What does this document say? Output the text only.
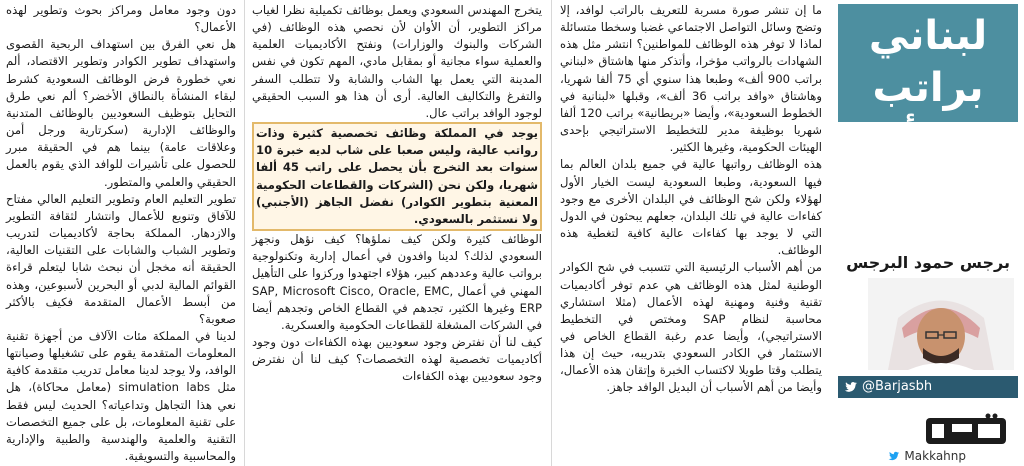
دون وجود معامل ومراكز بحوث وتطوير لهذه الأعمال؟

هل نعي الفرق بين استهداف الربحية القصوى واستهداف تطوير الكوادر وتطوير الاقتصاد، ألم نعي خطورة فرض الوظائف السعودية كشرط لبقاء المنشأة بالنطاق الأخضر؟ ألم نعي طرق التحايل بتوظيف السعوديين بالوظائف المتدنية والوظائف الإدارية (سكرتارية ورجل أمن وعلاقات عامة) بينما هم في الحقيقة مبرر للحصول على تأشيرات للوافد الذي يقوم بالعمل الحقيقي والعلمي والمتطور.

تطوير التعليم العام وتطوير التعليم العالي مفتاح للآفاق وتنويع للأعمال وانتشار لثقافة التطوير والازدهار. المملكة بحاجة لأكاديميات لتدريب وتطوير الشباب والشابات على التقنيات العالية، الحقيقة أنه مخجل أن نبحث شابا ليتعلم قراءة القوائم المالية لدبي أو البحرين لأسبوعين، وهذه من أبسط الأعمال المتقدمة فكيف بالأكثر صعوبة؟

لدينا في المملكة مئات الآلاف من أجهزة تقنية المعلومات المتقدمة يقوم على تشغيلها وصيانتها الوافد، ولا يوجد لدينا معامل تدريب متقدمة كافية مثل simulation labs (معامل محاكاة)، هل نعي هذا التجاهل وتداعياته؟ الحديث ليس فقط على تقنية المعلومات، بل على جميع التخصصات التقنية والعلمية والهندسية والطبية والإدارية والمحاسبية والتسويقية.

يتخرج المهندس السعودي ويعمل بوظائف تكميلية نظرا لغياب مراكز التطوير، أن الأوان لأن نحصي هذه الوظائف (في الشركات والبنوك والوزارات) ونفتح الأكاديميات العلمية والعملية سواء مجانية أو بمقابل مادي، المهم تكون في نفس المدينة التي يعمل بها الشاب والشابة ولا تتطلب السفر والتفرغ والتكاليف العالية. أرى أن هذا هو السبب الحقيقي لوجود الوافد براتب عال.

يوجد في المملكة وظائف تخصصية كثيرة وذات رواتب عالية، وليس صعبا على شاب لديه خبرة 10 سنوات بعد التخرج بأن يحصل على راتب 45 ألفا شهريا، ولكن نحن (الشركات والقطاعات الحكومية المعنية بتطوير الكوادر) نفضل الجاهز (الأجنبي) ولا نستثمر بالسعودي.

الوظائف كثيرة ولكن كيف نملؤها؟ كيف نؤهل ونجهز السعودي لذلك؟ لدينا وافدون في أعمال إدارية وتكنولوجية برواتب عالية وعددهم كبير، هؤلاء اجتهدوا وركزوا على التأهيل المهني في أعمال SAP, Microsoft Cisco, Oracle, EMC, ERP وغيرها الكثير، تجدهم في القطاع الخاص وتجدهم أيضا في الشركات المشغلة للقطاعات الحكومية والعسكرية.

كيف لنا أن نفترض وجود سعوديين بهذه الكفاءات دون وجود أكاديميات تخصصية لهذه التخصصات؟ كيف لنا أن نفترض وجود سعوديين بهذه الكفاءات

ما إن تنشر صورة مسربة للتعريف بالراتب لوافد، إلا وتضج وسائل التواصل الاجتماعي غضبا وسخطا متسائلة لماذا لا توفر هذه الوظائف للمواطنين؟ انتشر مثل هذه الشهادات بالرواتب مؤخرا، وأتذكر منها هاشتاق «لبناني براتب 900 ألف» وطبعا هذا سنوي أي 75 ألفا شهريا، وهاشتاق «وافد براتب 36 ألف»، وقبلها «لبنانية في الخطوط السعودية»، وأيضا «بريطانية» براتب 120 ألفا شهريا بوظيفة مدير للتخطيط الاستراتيجي بإحدى الهيئات الحكومية، وغيرها الكثير.

هذه الوظائف رواتبها عالية في جميع بلدان العالم بما فيها السعودية، وطبعا السعودية ليست الخيار الأول لهؤلاء ولكن شح الوظائف في البلدان الأخرى مع وجود كفاءات عالية في تلك البلدان، جعلهم يبحثون في الدول التي لا يوجد بها كفاءات عالية كافية لتغطية هذه الوظائف.

من أهم الأسباب الرئيسية التي تتسبب في شح الكوادر الوطنية لمثل هذه الوظائف هي عدم توفر أكاديميات تقنية وفنية ومهنية لهذه الأعمال (مثلا استشاري محاسبة لنظام SAP ومختص في التخطيط الاستراتيجي)، وأيضا عدم رغبة القطاع الخاص في الاستثمار في الكادر السعودي بتدريبه، حيث إن هذا يتطلب وقتا طويلا لاكتساب الخبرة وإتقان هذه الأعمال، وأيضا من أهم الأسباب أن البديل الوافد جاهز.

لبناني براتب
900 ألف ريال
برجس حمود البرجس
@Barjasbh
Makkahnp
